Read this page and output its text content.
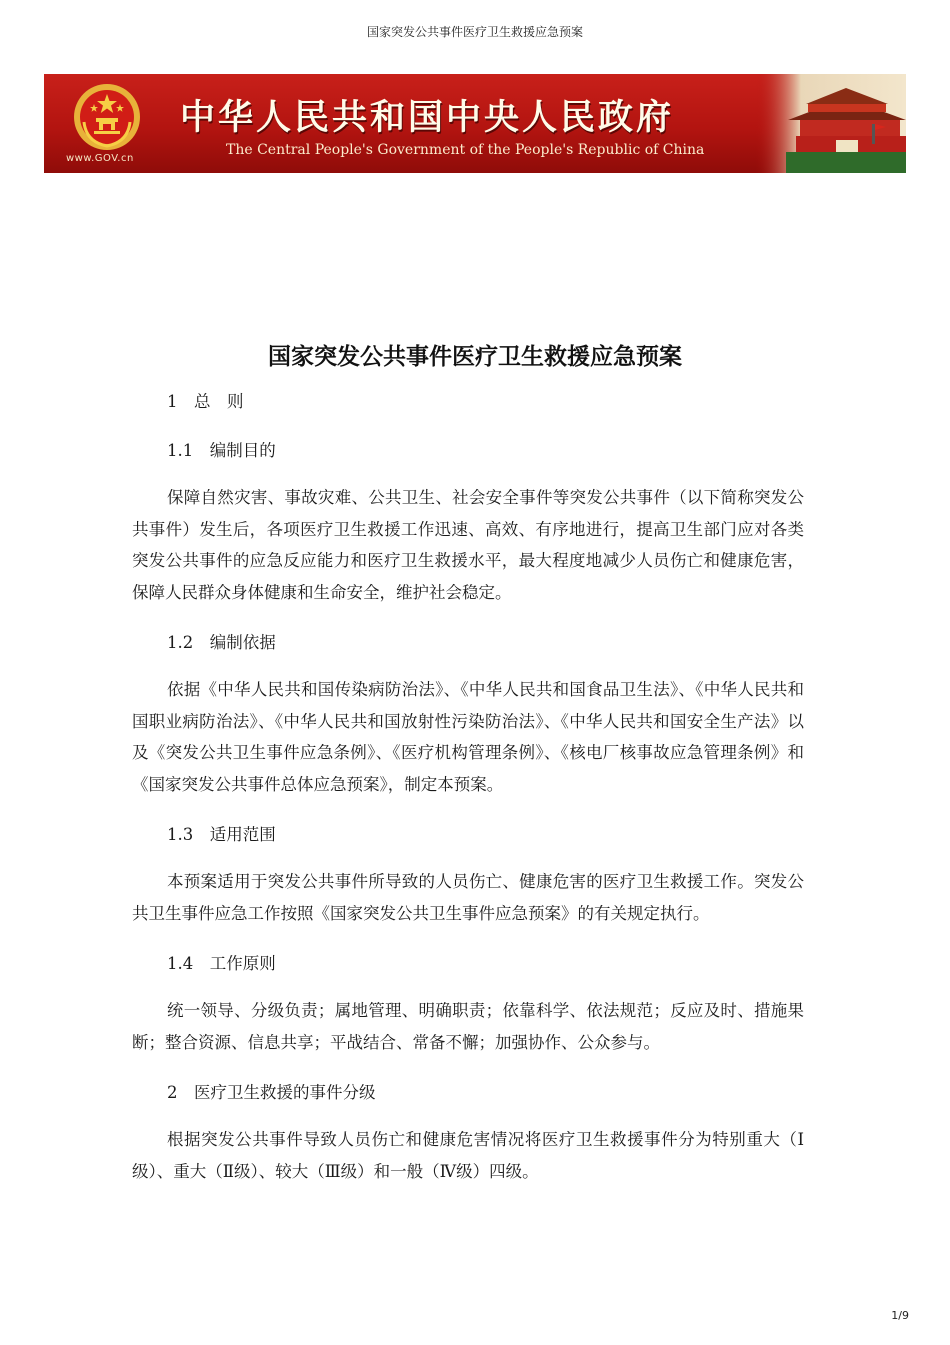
国家突发公共事件医疗卫生救援应急预案
www.GOV.cn
中华人民共和国中央人民政府
The Central People's Government of the People's Republic of China
国家突发公共事件医疗卫生救援应急预案

1　总　则

1.1　编制目的

保障自然灾害、事故灾难、公共卫生、社会安全事件等突发公共事件（以下简称突发公共事件）发生后，各项医疗卫生救援工作迅速、高效、有序地进行，提高卫生部门应对各类突发公共事件的应急反应能力和医疗卫生救援水平，最大程度地减少人员伤亡和健康危害，保障人民群众身体健康和生命安全，维护社会稳定。

1.2　编制依据

依据《中华人民共和国传染病防治法》、《中华人民共和国食品卫生法》、《中华人民共和国职业病防治法》、《中华人民共和国放射性污染防治法》、《中华人民共和国安全生产法》以及《突发公共卫生事件应急条例》、《医疗机构管理条例》、《核电厂核事故应急管理条例》和《国家突发公共事件总体应急预案》，制定本预案。

1.3　适用范围

本预案适用于突发公共事件所导致的人员伤亡、健康危害的医疗卫生救援工作。突发公共卫生事件应急工作按照《国家突发公共卫生事件应急预案》的有关规定执行。

1.4　工作原则

统一领导、分级负责；属地管理、明确职责；依靠科学、依法规范；反应及时、措施果断；整合资源、信息共享；平战结合、常备不懈；加强协作、公众参与。

2　医疗卫生救援的事件分级

根据突发公共事件导致人员伤亡和健康危害情况将医疗卫生救援事件分为特别重大（Ⅰ级）、重大（Ⅱ级）、较大（Ⅲ级）和一般（Ⅳ级）四级。

1/9
